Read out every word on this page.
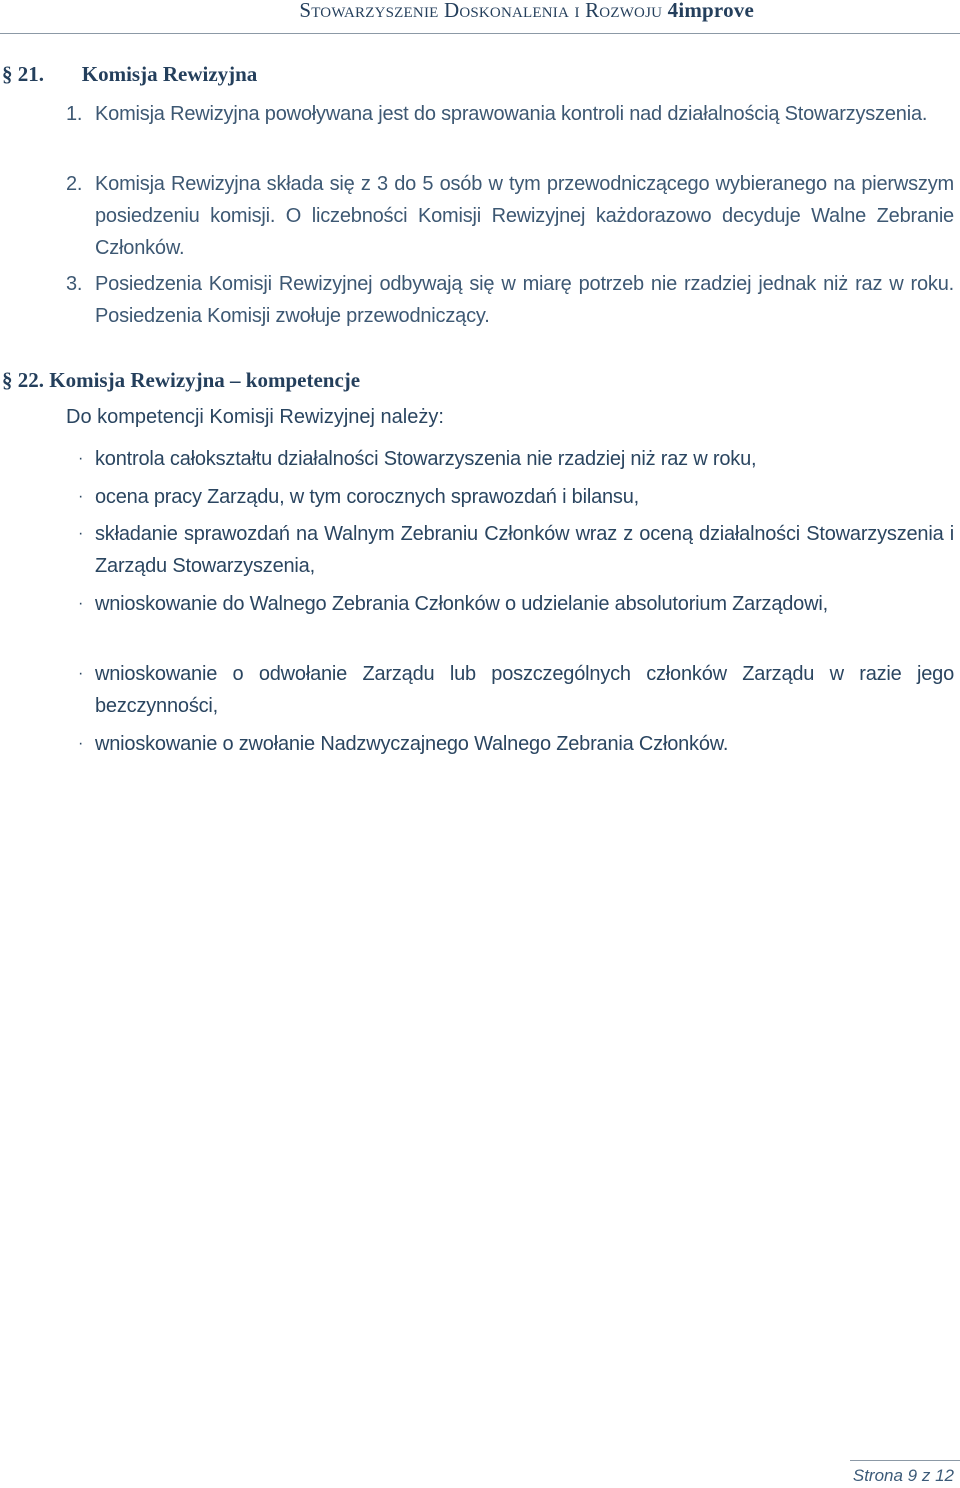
Stowarzyszenie Doskonalenia i Rozwoju 4improve
§ 21. Komisja Rewizyjna
1. Komisja Rewizyjna powoływana jest do sprawowania kontroli nad działalnością Stowarzyszenia.
2. Komisja Rewizyjna składa się z 3 do 5 osób w tym przewodniczącego wybieranego na pierwszym posiedzeniu komisji. O liczebności Komisji Rewizyjnej każdorazowo decyduje Walne Zebranie Członków.
3. Posiedzenia Komisji Rewizyjnej odbywają się w miarę potrzeb nie rzadziej jednak niż raz w roku. Posiedzenia Komisji zwołuje przewodniczący.
§ 22. Komisja Rewizyjna – kompetencje
Do kompetencji Komisji Rewizyjnej należy:
· kontrola całokształtu działalności Stowarzyszenia nie rzadziej niż raz w roku,
· ocena pracy Zarządu, w tym corocznych sprawozdań i bilansu,
· składanie sprawozdań na Walnym Zebraniu Członków wraz z oceną działalności Stowarzyszenia i Zarządu Stowarzyszenia,
· wnioskowanie do Walnego Zebrania Członków o udzielanie absolutorium Zarządowi,
· wnioskowanie o odwołanie Zarządu lub poszczególnych członków Zarządu w razie jego bezczynności,
· wnioskowanie o zwołanie Nadzwyczajnego Walnego Zebrania Członków.
Strona 9 z 12
